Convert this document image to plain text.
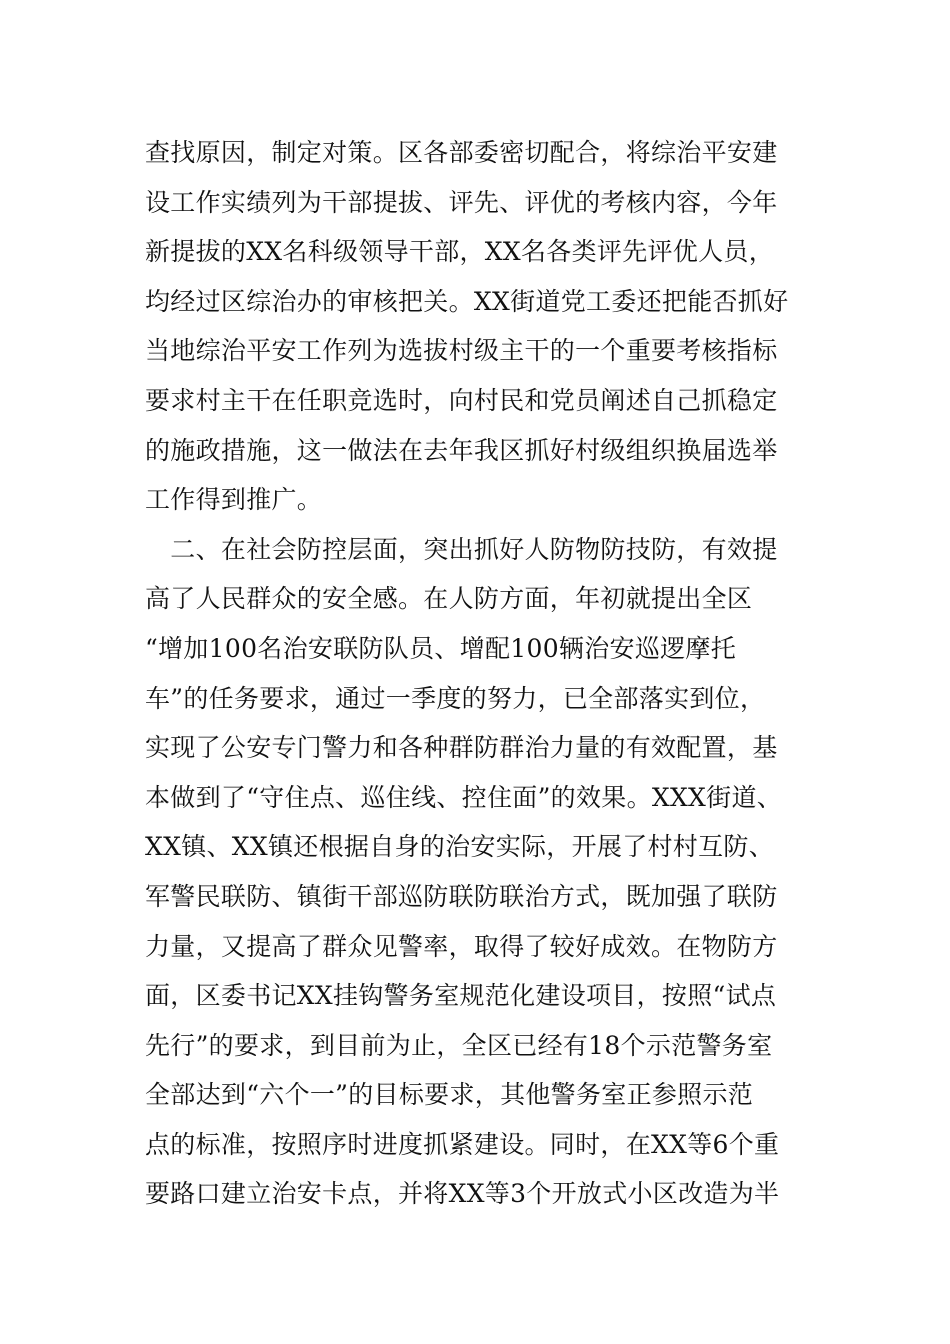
查找原因，制定对策。区各部委密切配合，将综治平安建
设工作实绩列为干部提拔、评先、评优的考核内容，今年
新提拔的XX名科级领导干部，XX名各类评先评优人员，
均经过区综治办的审核把关。XX街道党工委还把能否抓好
当地综治平安工作列为选拔村级主干的一个重要考核指标
要求村主干在任职竞选时，向村民和党员阐述自己抓稳定
的施政措施，这一做法在去年我区抓好村级组织换届选举
工作得到推广。
　二、在社会防控层面，突出抓好人防物防技防，有效提
高了人民群众的安全感。在人防方面，年初就提出全区
“增加100名治安联防队员、增配100辆治安巡逻摩托
车”的任务要求，通过一季度的努力，已全部落实到位，
实现了公安专门警力和各种群防群治力量的有效配置，基
本做到了“守住点、巡住线、控住面”的效果。XXX街道、
XX镇、XX镇还根据自身的治安实际，开展了村村互防、
军警民联防、镇街干部巡防联防联治方式，既加强了联防
力量，又提高了群众见警率，取得了较好成效。在物防方
面，区委书记XX挂钩警务室规范化建设项目，按照“试点
先行”的要求，到目前为止，全区已经有18个示范警务室
全部达到“六个一”的目标要求，其他警务室正参照示范
点的标准，按照序时进度抓紧建设。同时，在XX等6个重
要路口建立治安卡点，并将XX等3个开放式小区改造为半
